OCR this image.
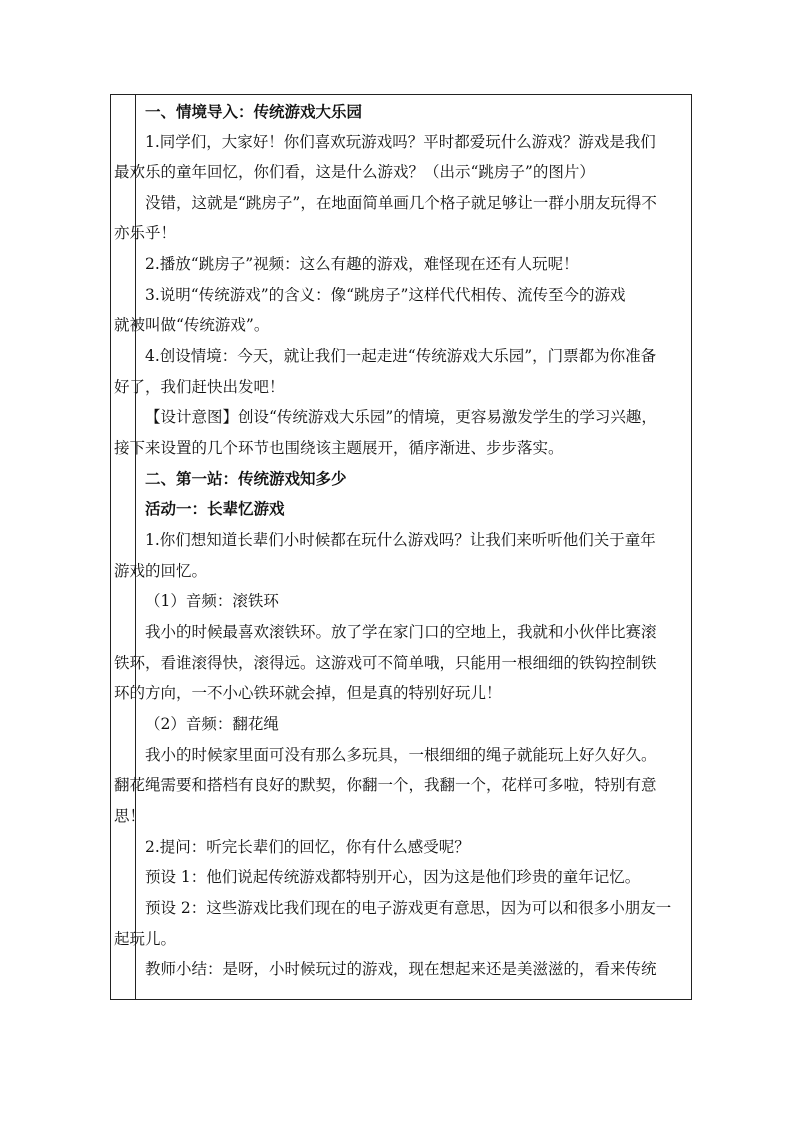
一、情境导入：传统游戏大乐园
1.同学们，大家好！你们喜欢玩游戏吗？平时都爱玩什么游戏？游戏是我们
最欢乐的童年回忆，你们看，这是什么游戏？（出示“跳房子”的图片）
没错，这就是“跳房子”，在地面简单画几个格子就足够让一群小朋友玩得不
亦乐乎！
2.播放“跳房子”视频：这么有趣的游戏，难怪现在还有人玩呢！
3.说明“传统游戏”的含义：像“跳房子”这样代代相传、流传至今的游戏
就被叫做“传统游戏”。
4.创设情境：今天，就让我们一起走进“传统游戏大乐园”，门票都为你准备
好了，我们赶快出发吧！
【设计意图】创设“传统游戏大乐园”的情境，更容易激发学生的学习兴趣，
接下来设置的几个环节也围绕该主题展开，循序渐进、步步落实。
二、第一站：传统游戏知多少
活动一：长辈忆游戏
1.你们想知道长辈们小时候都在玩什么游戏吗？让我们来听听他们关于童年
游戏的回忆。
（1）音频：滚铁环
我小的时候最喜欢滚铁环。放了学在家门口的空地上，我就和小伙伴比赛滚
铁环，看谁滚得快，滚得远。这游戏可不简单哦，只能用一根细细的铁钩控制铁
环的方向，一不小心铁环就会掉，但是真的特别好玩儿！
（2）音频：翻花绳
我小的时候家里面可没有那么多玩具，一根细细的绳子就能玩上好久好久。
翻花绳需要和搭档有良好的默契，你翻一个，我翻一个，花样可多啦，特别有意
思！
2.提问：听完长辈们的回忆，你有什么感受呢？
预设 1：他们说起传统游戏都特别开心，因为这是他们珍贵的童年记忆。
预设 2：这些游戏比我们现在的电子游戏更有意思，因为可以和很多小朋友一
起玩儿。
教师小结：是呀，小时候玩过的游戏，现在想起来还是美滋滋的，看来传统
